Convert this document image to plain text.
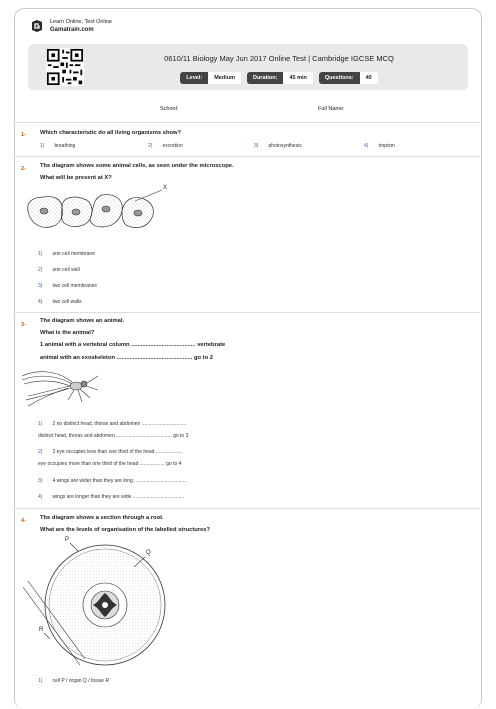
Learn Online, Test Online
Gamatrain.com
0610/11 Biology May Jun 2017 Online Test | Cambridge IGCSE MCQ
Level:	Medium	Duration:	45 min	Questions:	40
School:	Full Name:
1- Which characteristic do all living organisms show?
1) breathing	2) excretion	3) photosynthesis	4) tropism
2- The diagram shows some animal cells, as seen under the microscope.
What will be present at X?
X
1) one cell membrane
2) one cell wall
3) two cell membranes
4) two cell walls
3-
The diagram shows an animal.
What is the animal?
1 animal with a vertebral column ........................................ vertebrate
animal with an exoskeleton ............................................... go to 2
1) 2 no distinct head, thorax and abdomen ................................
distinct head, thorax and abdomen ........................................ go to 3
2) 3 eye occupies less than one third of the head ...................
eye occupies more than one third of the head .................. go to 4
3) 4 wings are wider than they are long ......................................
4) wings are longer than they are wide .....................................
4- The diagram shows a section through a root.
What are the levels of organisation of the labelled structures?
P
Q
R
1) cell P / organ Q / tissue R
